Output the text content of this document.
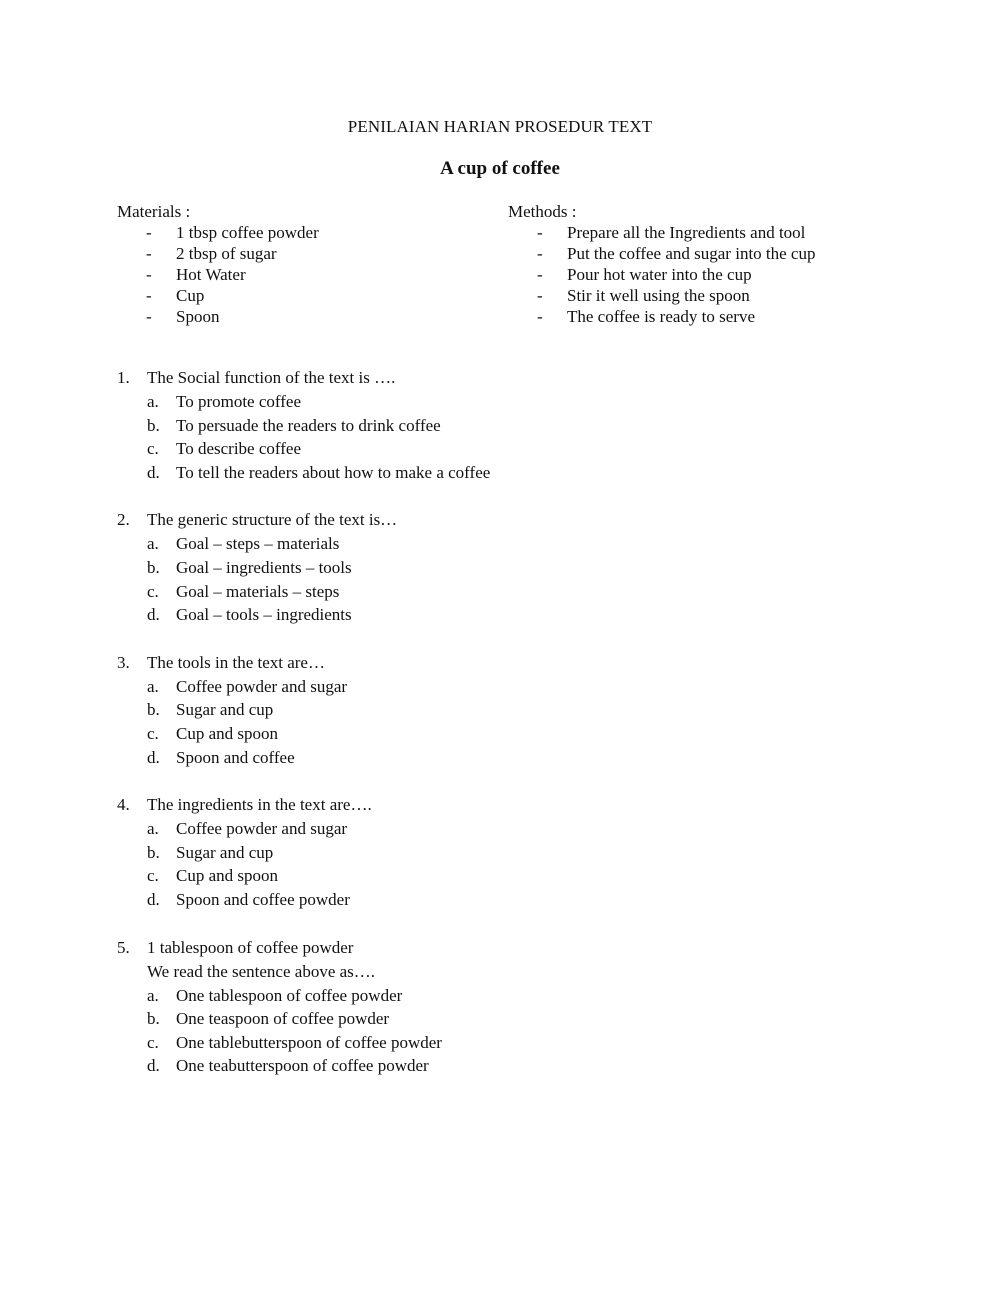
PENILAIAN HARIAN PROSEDUR TEXT
A cup of coffee
Materials :
- 1 tbsp coffee powder
- 2 tbsp of sugar
- Hot Water
- Cup
- Spoon
Methods :
- Prepare all the Ingredients and tool
- Put the coffee and sugar into the cup
- Pour hot water into the cup
- Stir it well using the spoon
- The coffee is ready to serve
1. The Social function of the text is ….
a. To promote coffee
b. To persuade the readers to drink coffee
c. To describe coffee
d. To tell the readers about how to make a coffee
2. The generic structure of the text is…
a. Goal – steps – materials
b. Goal – ingredients – tools
c. Goal – materials – steps
d. Goal – tools – ingredients
3. The tools in the text are…
a. Coffee powder and sugar
b. Sugar and cup
c. Cup and spoon
d. Spoon and coffee
4. The ingredients in the text are….
a. Coffee powder and sugar
b. Sugar and cup
c. Cup and spoon
d. Spoon and coffee powder
5. 1 tablespoon of coffee powder
We read the sentence above as….
a. One tablespoon of coffee powder
b. One teaspoon of coffee powder
c. One tablebutterspoon of coffee powder
d. One teabutterspoon of coffee powder
